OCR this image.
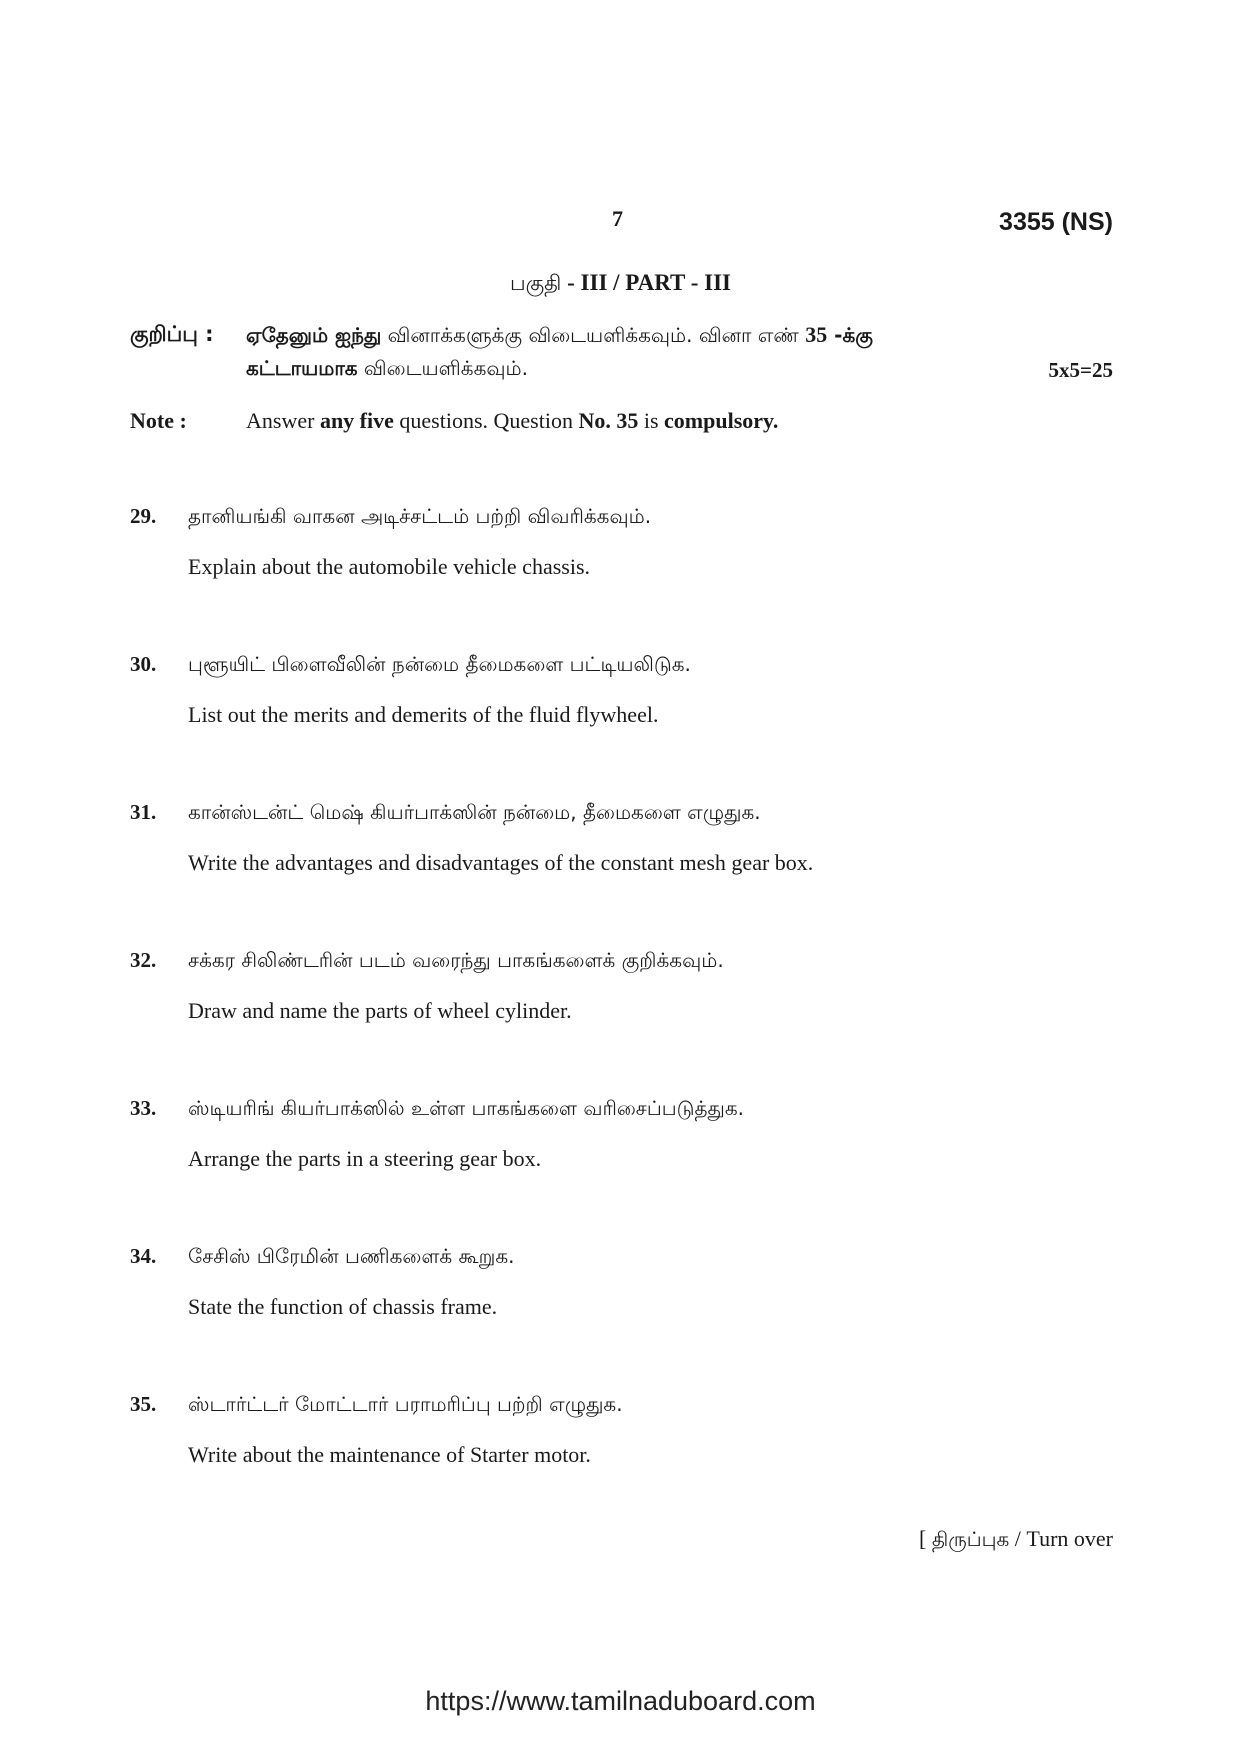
7	3355 (NS)
பகுதி - III / PART - III
குறிப்பு : ஏதேனும் ஐந்து வினாக்களுக்கு விடையளிக்கவும். வினா எண் 35 -க்கு
கட்டாயமாக விடையளிக்கவும்.	5x5=25
Note :	Answer any five questions. Question No. 35 is compulsory.
29. தானியங்கி வாகன அடிச்சட்டம் பற்றி விவரிக்கவும்.
Explain about the automobile vehicle chassis.
30. புளூயிட் பிளைவீலின் நன்மை தீமைகளை பட்டியலிடுக.
List out the merits and demerits of the fluid flywheel.
31. கான்ஸ்டன்ட் மெஷ் கியர்பாக்ஸின் நன்மை, தீமைகளை எழுதுக.
Write the advantages and disadvantages of the constant mesh gear box.
32. சக்கர சிலிண்டரின் படம் வரைந்து பாகங்களைக் குறிக்கவும்.
Draw and name the parts of wheel cylinder.
33. ஸ்டியரிங் கியர்பாக்ஸில் உள்ள பாகங்களை வரிசைப்படுத்துக.
Arrange the parts in a steering gear box.
34. சேசிஸ் பிரேமின் பணிகளைக் கூறுக.
State the function of chassis frame.
35. ஸ்டார்ட்டர் மோட்டார் பராமரிப்பு பற்றி எழுதுக.
Write about the maintenance of Starter motor.
[ திருப்புக / Turn over
https://www.tamilnaduboard.com
